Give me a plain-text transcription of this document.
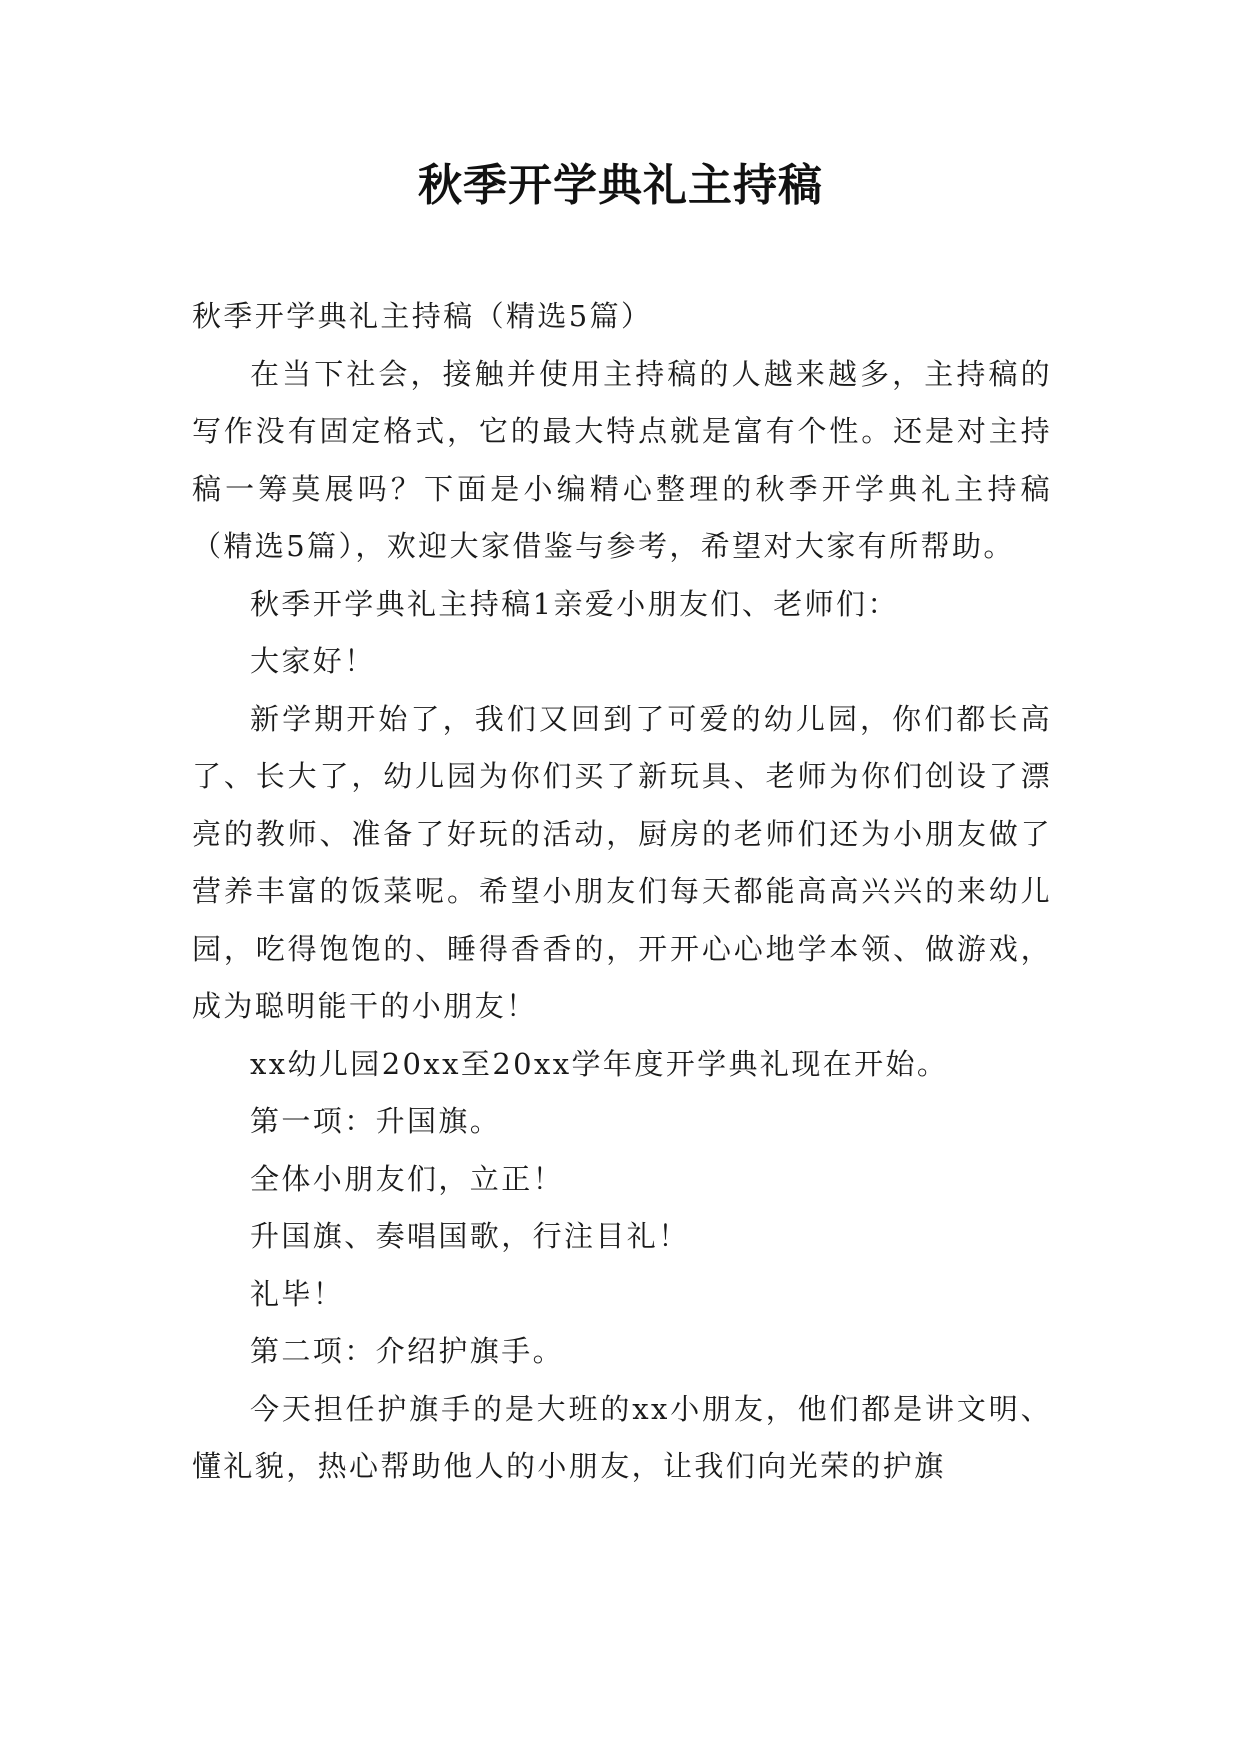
秋季开学典礼主持稿

秋季开学典礼主持稿（精选5篇）

在当下社会，接触并使用主持稿的人越来越多，主持稿的写作没有固定格式，它的最大特点就是富有个性。还是对主持稿一筹莫展吗？下面是小编精心整理的秋季开学典礼主持稿（精选5篇），欢迎大家借鉴与参考，希望对大家有所帮助。

秋季开学典礼主持稿1亲爱小朋友们、老师们：

大家好！

新学期开始了，我们又回到了可爱的幼儿园，你们都长高了、长大了，幼儿园为你们买了新玩具、老师为你们创设了漂亮的教师、准备了好玩的活动，厨房的老师们还为小朋友做了营养丰富的饭菜呢。希望小朋友们每天都能高高兴兴的来幼儿园，吃得饱饱的、睡得香香的，开开心心地学本领、做游戏，成为聪明能干的小朋友！

xx幼儿园20xx至20xx学年度开学典礼现在开始。

第一项：升国旗。

全体小朋友们，立正！

升国旗、奏唱国歌，行注目礼！

礼毕！

第二项：介绍护旗手。

今天担任护旗手的是大班的xx小朋友，他们都是讲文明、懂礼貌，热心帮助他人的小朋友，让我们向光荣的护旗
